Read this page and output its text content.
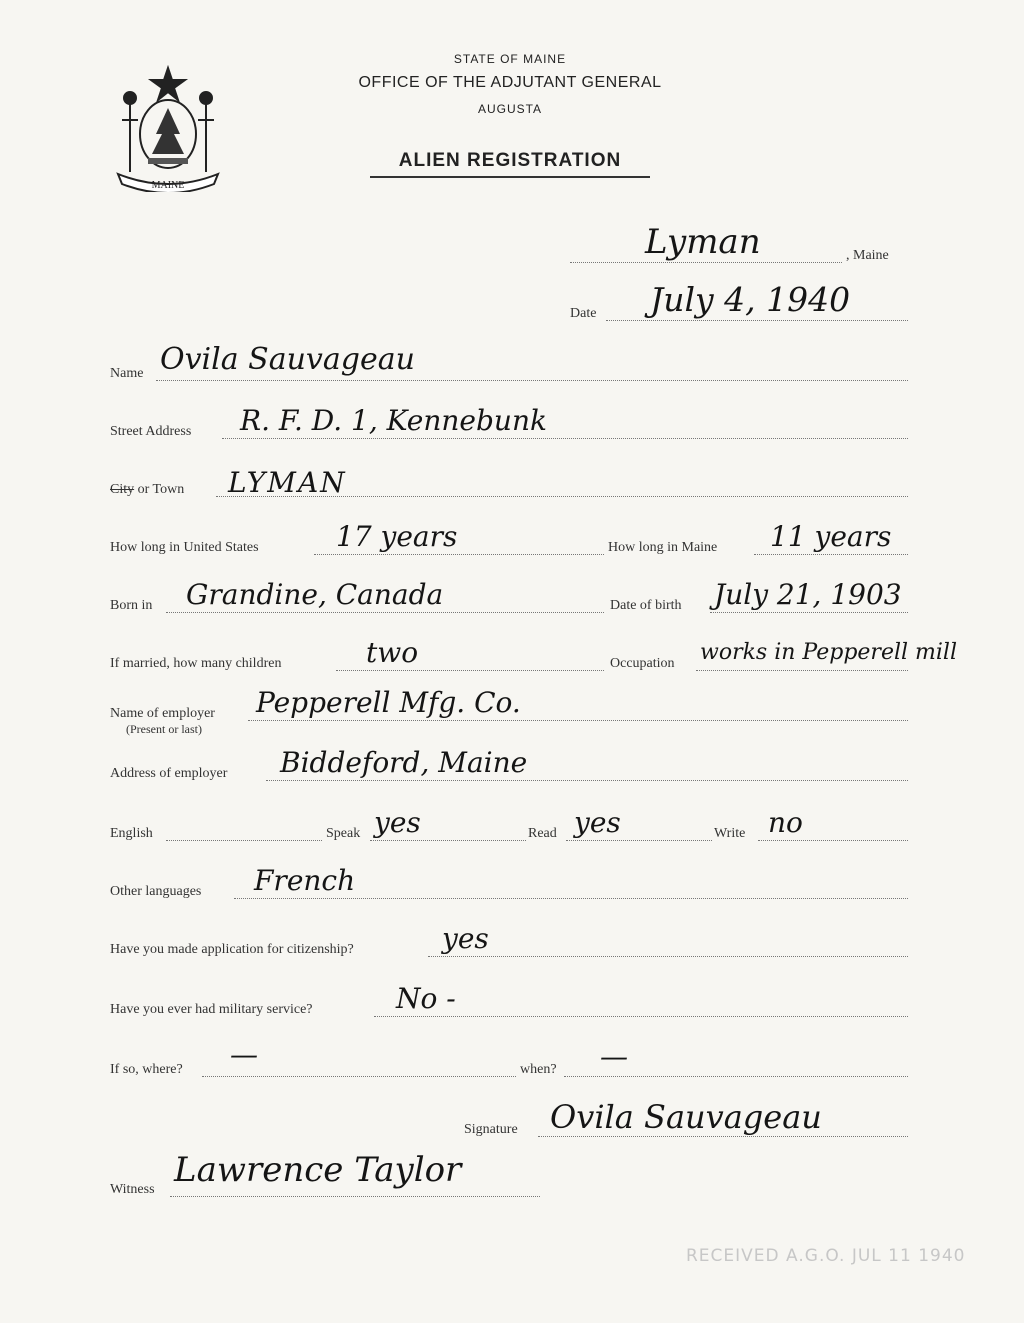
MAINE
STATE OF MAINE
OFFICE OF THE ADJUTANT GENERAL
AUGUSTA
ALIEN REGISTRATION
Lyman	, Maine
Date July 4, 1940
Name Ovila Sauvageau
Street Address R. F. D. 1, Kennebunk
City or Town LYMAN
How long in United States	17 years	How long in Maine 11 years
Born in Grandine, Canada	Date of birth July 21, 1903
If married, how many children	two	Occupation works in Pepperell mill
Name of employer
(Present or last)
Pepperell Mfg. Co.
Address of employer Biddeford, Maine
English	Speak yes	Read yes	Write no
Other languages French
Have you made application for citizenship?	yes
Have you ever had military service?	No -
If so, where? —	when? —
Signature Ovila Sauvageau
Witness Lawrence Taylor
RECEIVED A.G.O. JUL 11 1940
